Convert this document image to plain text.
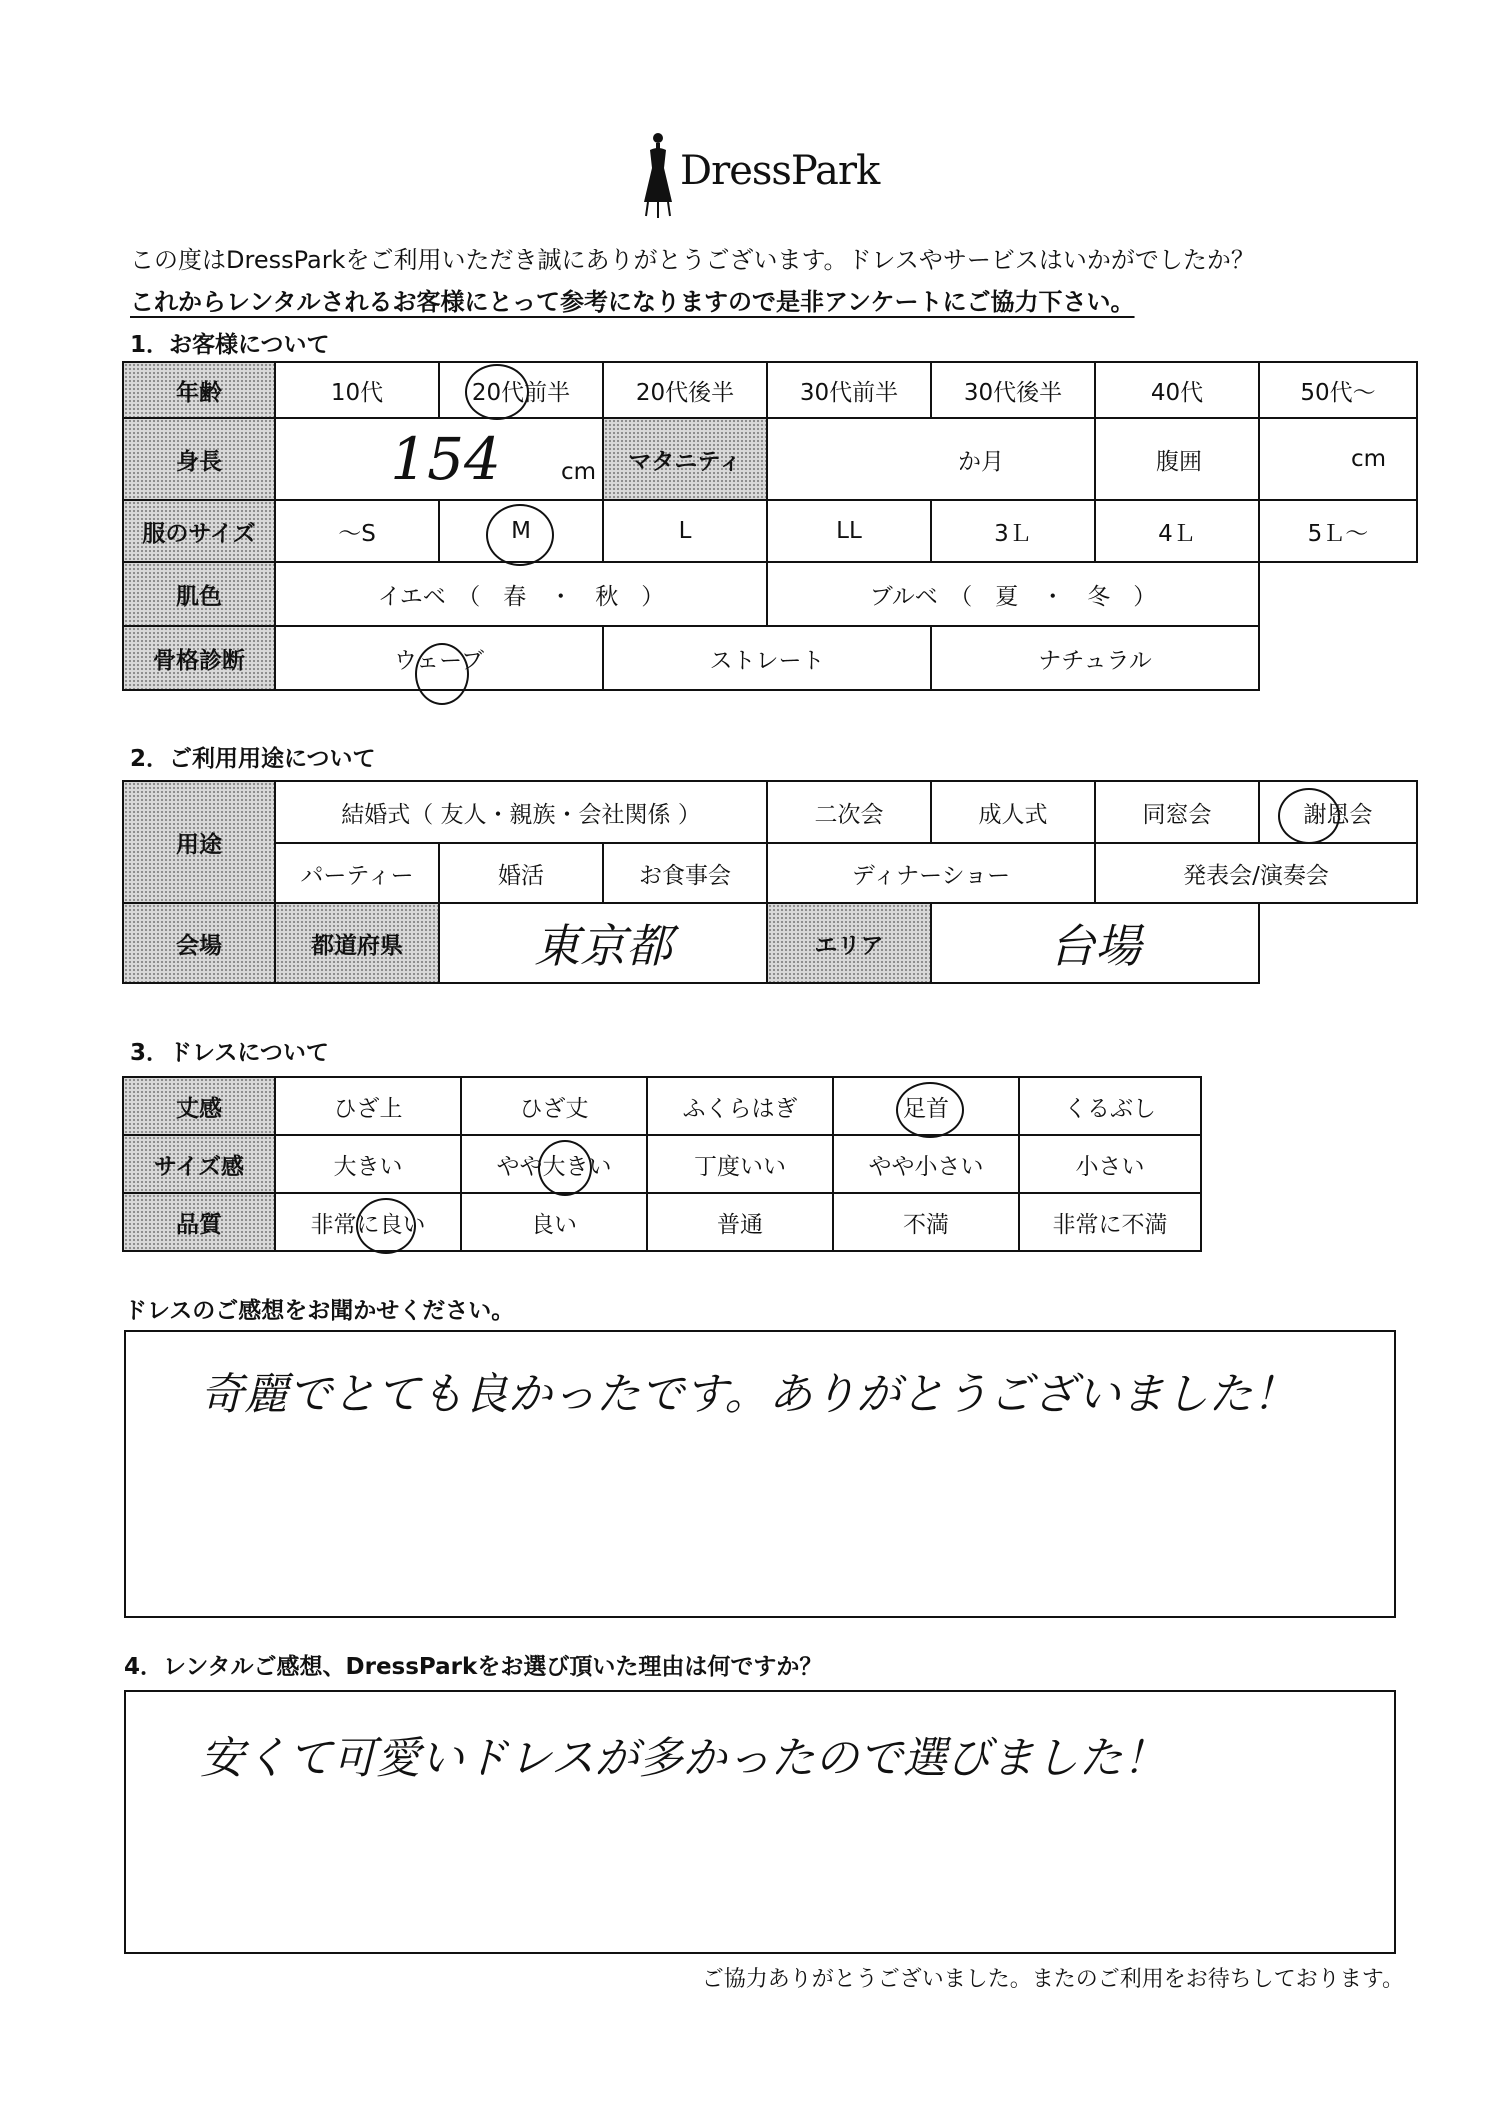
DressPark
この度はDressParkをご利用いただき誠にありがとうございます。ドレスやサービスはいかがでしたか？
これからレンタルされるお客様にとって参考になりますので是非アンケートにご協力下さい。
1．お客様について
年齢	10代	20代前半	20代後半	30代前半	30代後半	40代	50代～
身長	154 cm		マタニティ	か月		腹囲	cm
服のサイズ	～S	M	L	LL	3Ｌ	4Ｌ	5Ｌ～
肌色	イエベ　（　春　・　秋　）			ブルベ　（　夏　・　冬　）			
骨格診断	ウェーブ		ストレート		ナチュラル		
2．ご利用用途について
用途	結婚式（ 友人・親族・会社関係 ）			二次会	成人式	同窓会	謝恩会
	パーティー	婚活	お食事会	ディナーショー		発表会/演奏会	
会場	都道府県	東京都		エリア	台場		
3．ドレスについて
丈感	ひざ上	ひざ丈	ふくらはぎ	足首	くるぶし
サイズ感	大きい	やや大きい	丁度いい	やや小さい	小さい
品質	非常に良い	良い	普通	不満	非常に不満
ドレスのご感想をお聞かせください。
奇麗でとても良かったです。ありがとうございました！
4．レンタルご感想、DressParkをお選び頂いた理由は何ですか？
安くて可愛いドレスが多かったので選びました！
ご協力ありがとうございました。またのご利用をお待ちしております。
